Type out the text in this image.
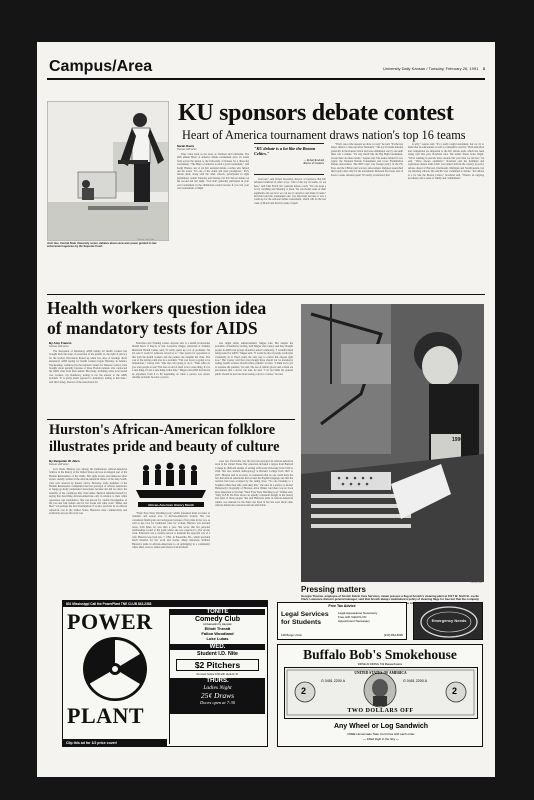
Campus/Area	University Daily Kansan / Tuesday, February 26, 1991 3
Josh Hoe, Central State University senior, debates about excessive power granted to law enforcement agencies by the Supreme Court.
Photo by: John Doyle
KU sponsors debate contest
Heart of America tournament draws nation's top 16 teams
Sarah Davis
Kansan staff writer

They came from as far away as Vermont and California. The 20th annual Heart of America debate tournament drew 16 teams from across the nation to the University of Kansas for a three-day tournament. "The Heart of America is such a good tournament," said Kathy Hurner, one of six KU assistant debate coaches who helped run the event. "It's one of the oldest and most prestigious." KU's debate team, along with the other schools, participated in eight preliminary rounds Saturday and Sunday, but KU did not debate on the second and last night. "You don't generally participate in your own tournament in the elimination round because if you win your own tournament, it might

"KU debate is a lot like the Boston Celtics."
— Robert Rowland
director of forensics

look bad," said Robert Rowland, director of forensics. But KU debaters benefited in other ways. "Out of the top 16 teams, 10 are here," said John Fritch, KU assistant debate coach. "We can learn a lot by watching and listening to them. We can model some of their arguments and see how we can use it ourselves and make it better." Rowland said the tournament also was important because it was a warm-up for the national debate tournament, which will be the last week of March and the first week of April.

"That's one of the reasons we draw so well," he said. "It's the last major chance to tune up before Nationals." The top 16 teams debated yesterday in the Kansas Union and were eliminated one by one until there was a winner. "It's very much like the Big Eight tournament, except there are more teams," Leeper said. The teams debated in two topics: the National Debate Tournament and Cross Examination Debate Association. The NDT topic was foreign policy in the Far East, and the CEDA topic was law enforcement. Debaters researched their topics since July for the tournament. Between five hours and 15 hours a week, debaters spent "It's really accelerated; that

is why," Leeper said. "It's a really tough tournament, but we try to make that an educational as well as competitive activity." Both education and competition are important to the KU debate team, which has been doing well this year, Rowland said. The team's future looks bright. "We're winning in percent more awards this year than we did last," he said. "We're always optimistic." Rowland said the freshman and sophomore debate team at KU was ranked sixth in the country in policy debate, ahead of Harvard, Dartmouth, Michigan and Northwestern, but top debating schools. He said KU was committed to debate. "KU debate is a lot like the Boston Celtics," Rowland said. "There's an ongoing excellence and a sense of family and commitment."

Health workers question idea
of mandatory tests for AIDS
By Amy Francis
Kansan staff writer

The discussion of mandatory AIDS testing for health workers has brought back the issue of protection of the patient vs. the right of privacy for the worker. Discussion heated up when two days of hearings about mandatory AIDS testing for health workers began Thursday in Atlanta. The hearings, conducted by the national Centers for Disease Control, were brought about partially because of three Florida patients who contracted the AIDS virus from their dentist. But many, including some local health care workers, say mandatory testing is not the answer to the AIDS problem. "It is pretty much opposed to mandatory testing at this time," said Jim Carney, director of the Association for

Education and Training Center. Anyone who is a health professional should know if they're at risk. Lawrence Magee, physician at Watkins Memorial Health Center, said, "It really opens up a lot of problems. I'm not sure it would if someone forced us to." One reason for opposition is that both the health workers and the patient can transmit the virus. The cost of the testing could also be a problem. "The cost factor is going to be tremendous," Carney said. "One test can't going to do it. "Then when do you want people to test? The tests at end of itself is not a sure thing, if it is a sure thing, it's not a sure thing at that time." Magee said AIDS had shown up anywhere from 6 to 60 depending on when a person was tested. Another problem, he said, a person

also might suffer embarrassment, Magee said. But despite the problems of mandatory testing, both Magee and Carney said they thought people in AIDS-risk groups should be tested voluntarily. "I wouldn't mind being tested for AIDS," Magee said. "It would be nice if people would just voluntarily do it. That's really the only way to control this disease right now." But Carney said that even though there should not be mandatory testing, health workers should reduce patients' worries. "I think we've got to reassure the patients," he said. The use of rubber gloves and a mask are precautions that a doctor can take, he said. "I do not think the general public should be nervous about seeing a doctor or nurse," he said.

Hurston's African-American folklore
illustrates pride and beauty of culture
By Benjamin W. Allen
Kansan staff writer

Zora Neale Hurston was among the harmonious African-American folklore in the history of the United States and was an integral part of the Harlem Renaissance of the 1920s. Her eight novels and numerous short stories, usually written in the African-American dialect of the deep South, were well received by literary critics. However, some members of the Harlem Renaissance complained that her portrayal of African Americans as happy-go-lucky perpetuated stereotypes because she did not show the brutality of the conditions they lived under. Hurston defended herself by saying that describing African-Americans only in relation to their white oppressors was exploitative. She was known for careful investigation of the lore and folk culture and for her books and other work "Mules and Men" was perhaps the first investigation of voodoo practices by an African American cast in the United States. Hurston's most commercially and artistically success ful novel was

African-American History Month

"Their Eyes Were Watching God," which presented fresh accounts of romantic and sexual love of African-American women. She was considered flamboyant and outrageous because of her pride in her race as well as her love for traditional roles for women. Hurston was married twice, both times for less than a year. She wrote that her personal relationships fooled at the point where she was expected to give up her work. Education was a creative person to maintain the expected role of a wife. Hurston was born Jan. 7, 1891, in Eatonville, Fla., which provided much material for her work and stories. Many historians attribute Hurston's pride in African-Americans to an upbringing in a community where there were no whites and where racial incidents

were few. Eatonville was the first incorporated all-African-American town in the United States. Her education included a degree from Barnard College in 1928 and studies of writing at Howard University from 1919 to 1924. She also studied anthropology at Barnard College from 1925 to 1927. Hurston said in an essay on expression that no one could deny the fact that African Americans had revised the English language and that the revision had been accepted by the ruling class. "No one listening to a Southern white man talk could deny this," she said. In a preface to Robert Hemenway's biography of Hurston, Alice Walker said there was no book more important to her than "Their Eyes Were Watching God." Walker said, "Only R.E.B. Du Bois shows an equally consistent delight in the beauty and spirit of black people. She said Hurston's pride in African-American culture was unusual for the times she lived in but she even made other African Americans conscious and uncomfortable.

1990
Photo by: Mike ...
Pressing matters
Georgia Thomas, employee of Scotch Fabric Care Services, steam presses a flag at Scotch's cleaning plant at 1517 W. Sixth St. Lucile Clark, Lawrence division general manager, said that Scotch always maintained a policy of cleaning flags for free but that the company
801 Mississippi Call the PowerPlant TNE CLUB 843-2383
POWER
PLANT
Clip this ad for 1/2 price cover!
TONITE
Comedy Club
Ambassador by Haywain
Elliott Threatt
Fallon Woodland
Luke Lukas
WED.
Student I.D. Nite
$2 Pitchers
No cover before 9:00 with student I.D.
THURS.
Ladies Night
25¢ Draws
Doors open at 7:30
Free Tax Advice
Legal Services
for Students
Legal Appearance Necessary
Free with Valid KU ID
Appointment Necessary
148 Burge Union	(913) 864-5665
Emergency Needs
Buffalo Bob's Smokehouse
DRIVE-IN DINING 719 Massachusetts
2	2
UNITED STATES OF AMERICA
G 0451 2200 A	G 0451 2200 A
TWO DOLLARS OFF
Any Wheel or Log Sandwich
FREE Homemade Tater Curl Fries with each order
— Filled High in the Sky —
